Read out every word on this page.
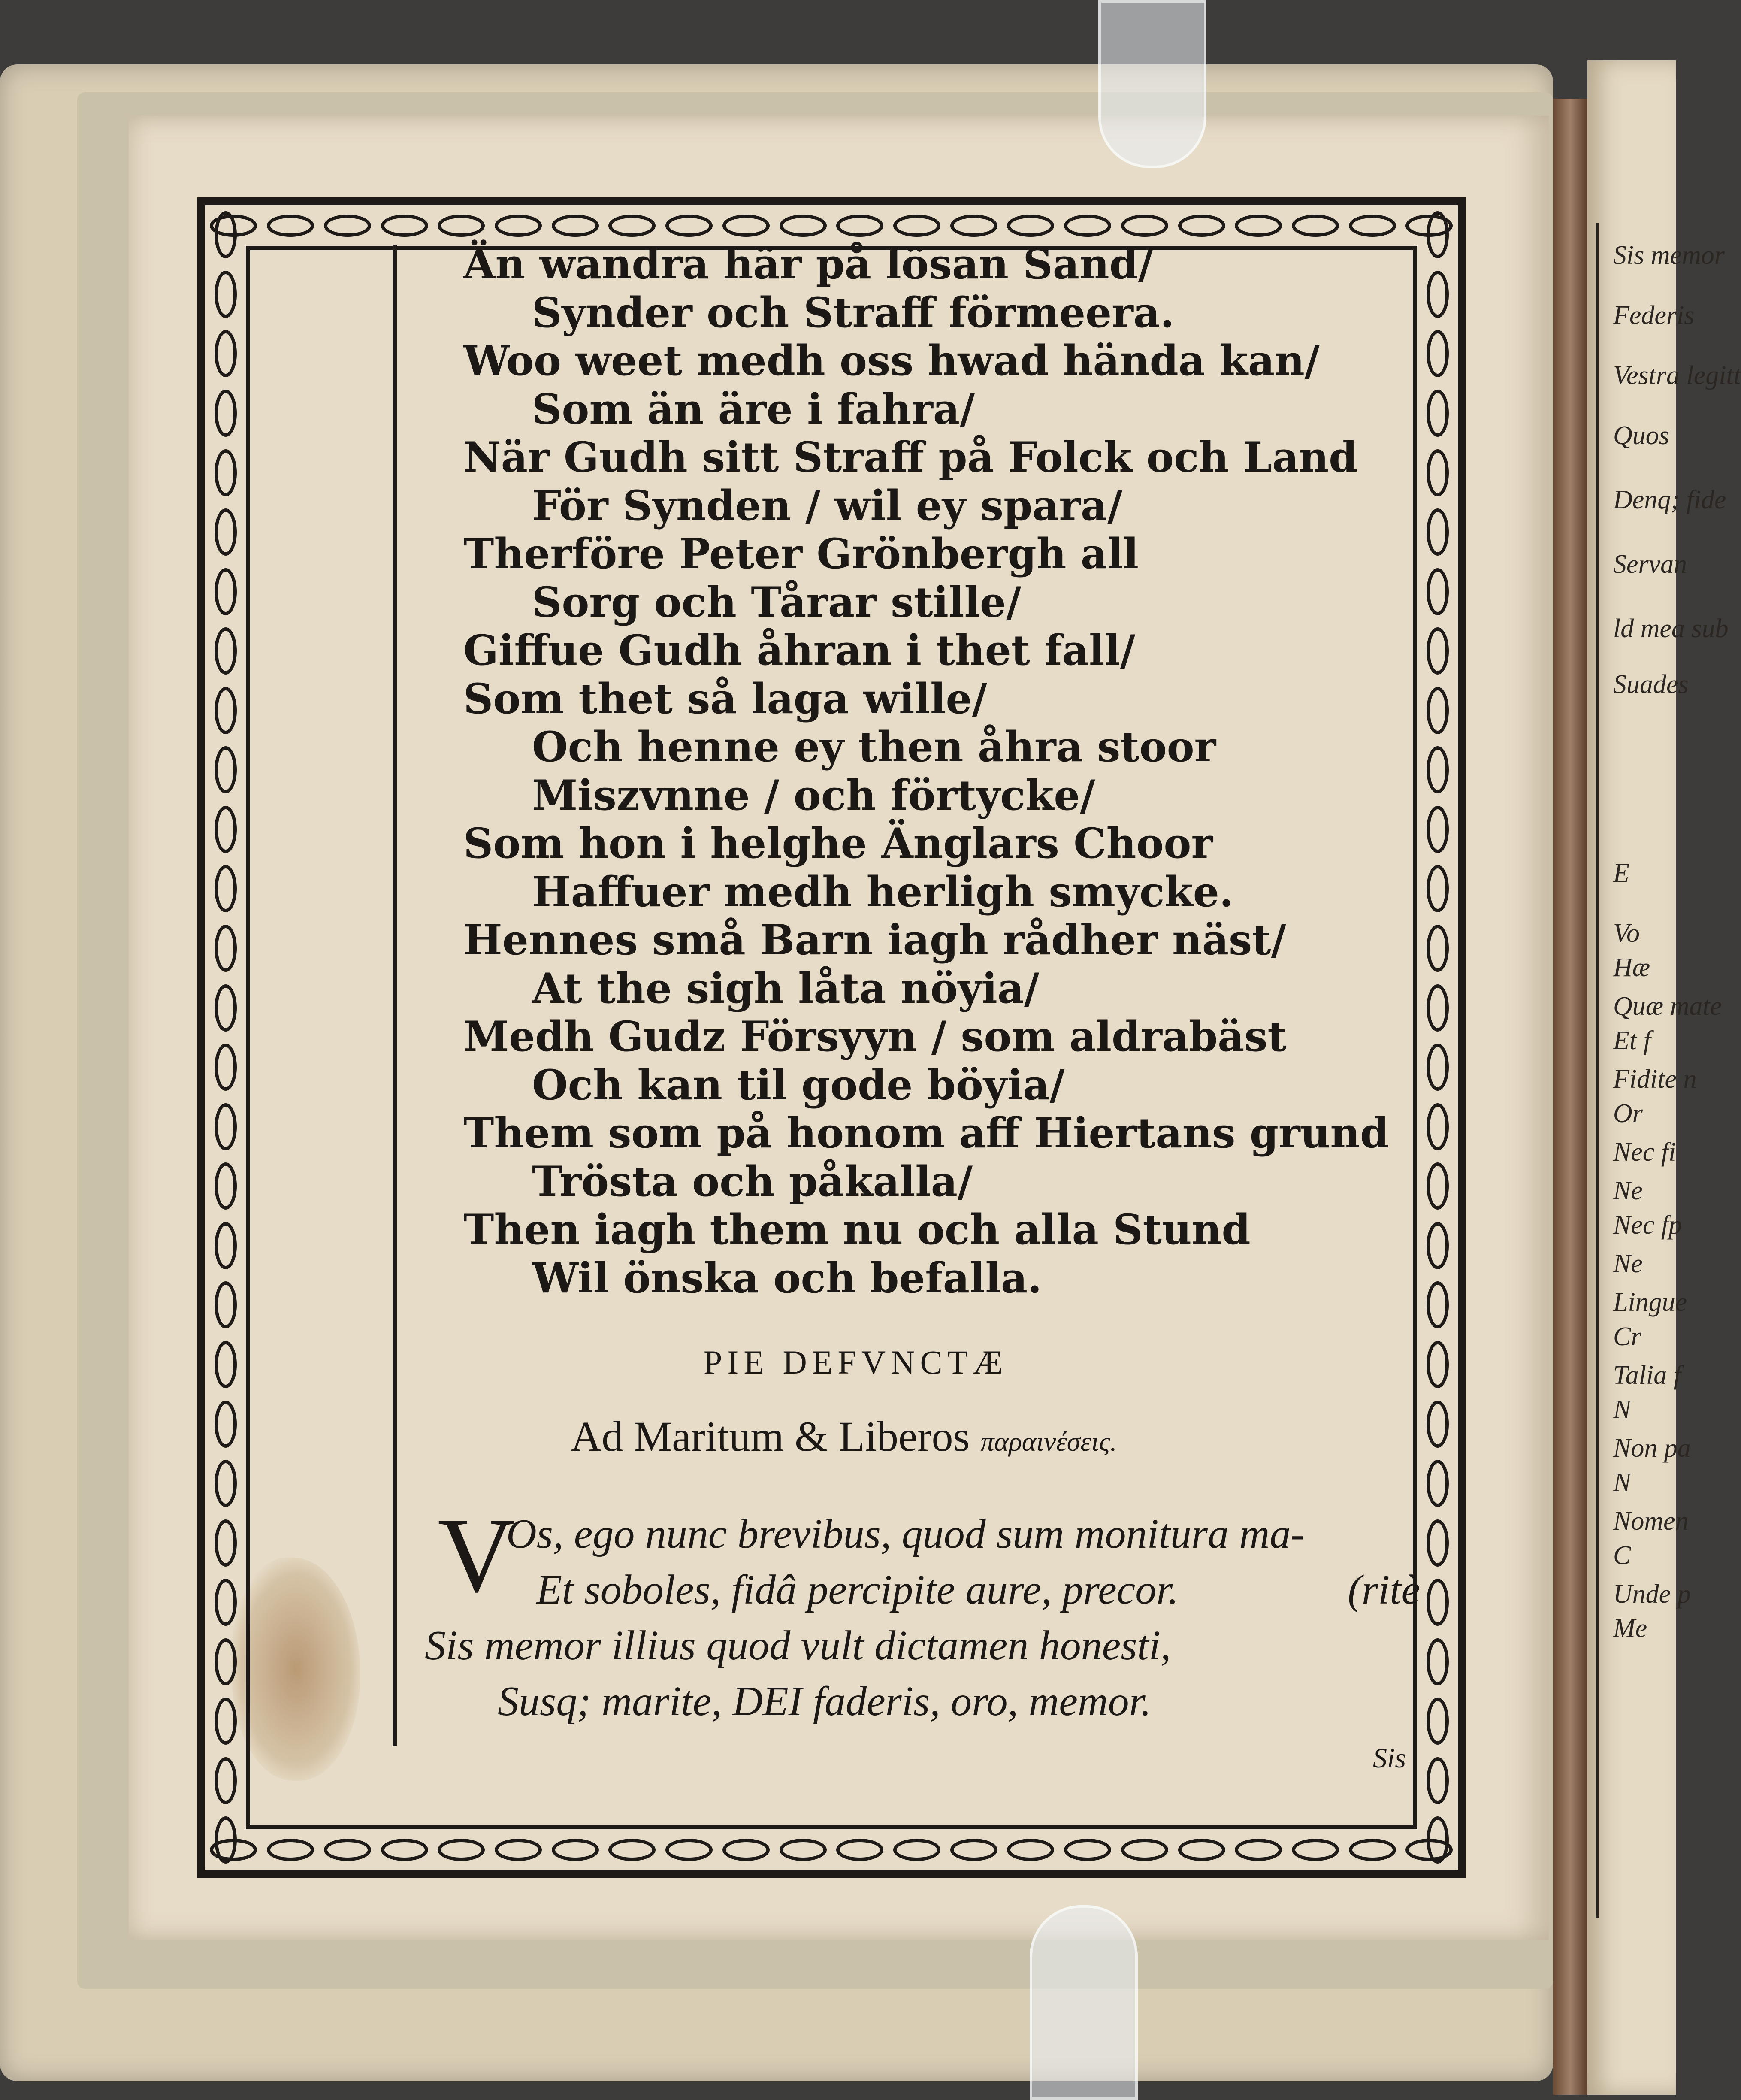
Sis memor
Federis
Vestra legitt
Quos
Denq; fide
Servan
ld mea sub
Suades
E
Vo
Hæ
Quæ mate
Et f
Fidite n
Or
Nec fi
Ne
Nec fp
Ne
Lingue
Cr
Talia f
N
Non pa
N
Nomen
C
Unde p
Me
Än wandra här på lösan Sand/
Synder och Straff förmeera.
Woo weet medh oss hwad hända kan/
Som än äre i fahra/
När Gudh sitt Straff på Folck och Land
För Synden / wil ey spara/
Therföre Peter Grönbergh all
Sorg och Tårar stille/
Giffue Gudh åhran i thet fall/
Som thet så laga wille/
Och henne ey then åhra stoor
Miszvnne / och förtycke/
Som hon i helghe Änglars Choor
Haffuer medh herligh smycke.
Hennes små Barn iagh rådher näst/
At the sigh låta nöyia/
Medh Gudz Försyyn / som aldrabäst
Och kan til gode böyia/
Them som på honom aff Hiertans grund
Trösta och påkalla/
Then iagh them nu och alla Stund
Wil önska och befalla.
PIE DEFVNCTÆ
Ad Maritum & Liberos παραινέσεις.
V
Os, ego nunc brevibus, quod sum monitura ma-
Et soboles, fidâ percipite aure, precor.	(ritè
Sis memor illius quod vult dictamen honesti,
Susq; marite, DEI faderis, oro, memor.
Sis
